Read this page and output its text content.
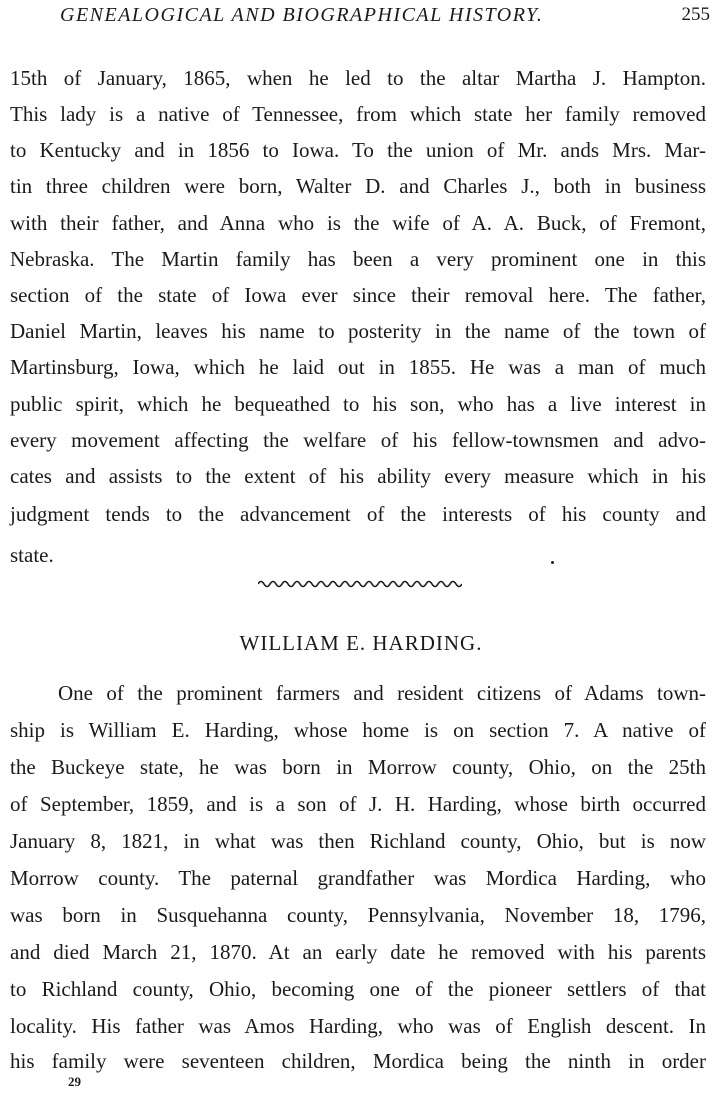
GENEALOGICAL AND BIOGRAPHICAL HISTORY.	255
15th of January, 1865, when he led to the altar Martha J. Hampton.
This lady is a native of Tennessee, from which state her family removed
to Kentucky and in 1856 to Iowa. To the union of Mr. ands Mrs. Mar-
tin three children were born, Walter D. and Charles J., both in business
with their father, and Anna who is the wife of A. A. Buck, of Fremont,
Nebraska. The Martin family has been a very prominent one in this
section of the state of Iowa ever since their removal here. The father,
Daniel Martin, leaves his name to posterity in the name of the town of
Martinsburg, Iowa, which he laid out in 1855. He was a man of much
public spirit, which he bequeathed to his son, who has a live interest in
every movement affecting the welfare of his fellow-townsmen and advo-
cates and assists to the extent of his ability every measure which in his
judgment tends to the advancement of the interests of his county and
state.
WILLIAM E. HARDING.
One of the prominent farmers and resident citizens of Adams town-
ship is William E. Harding, whose home is on section 7. A native of
the Buckeye state, he was born in Morrow county, Ohio, on the 25th
of September, 1859, and is a son of J. H. Harding, whose birth occurred
January 8, 1821, in what was then Richland county, Ohio, but is now
Morrow county. The paternal grandfather was Mordica Harding, who
was born in Susquehanna county, Pennsylvania, November 18, 1796,
and died March 21, 1870. At an early date he removed with his parents
to Richland county, Ohio, becoming one of the pioneer settlers of that
locality. His father was Amos Harding, who was of English descent. In
his family were seventeen children, Mordica being the ninth in order
29
